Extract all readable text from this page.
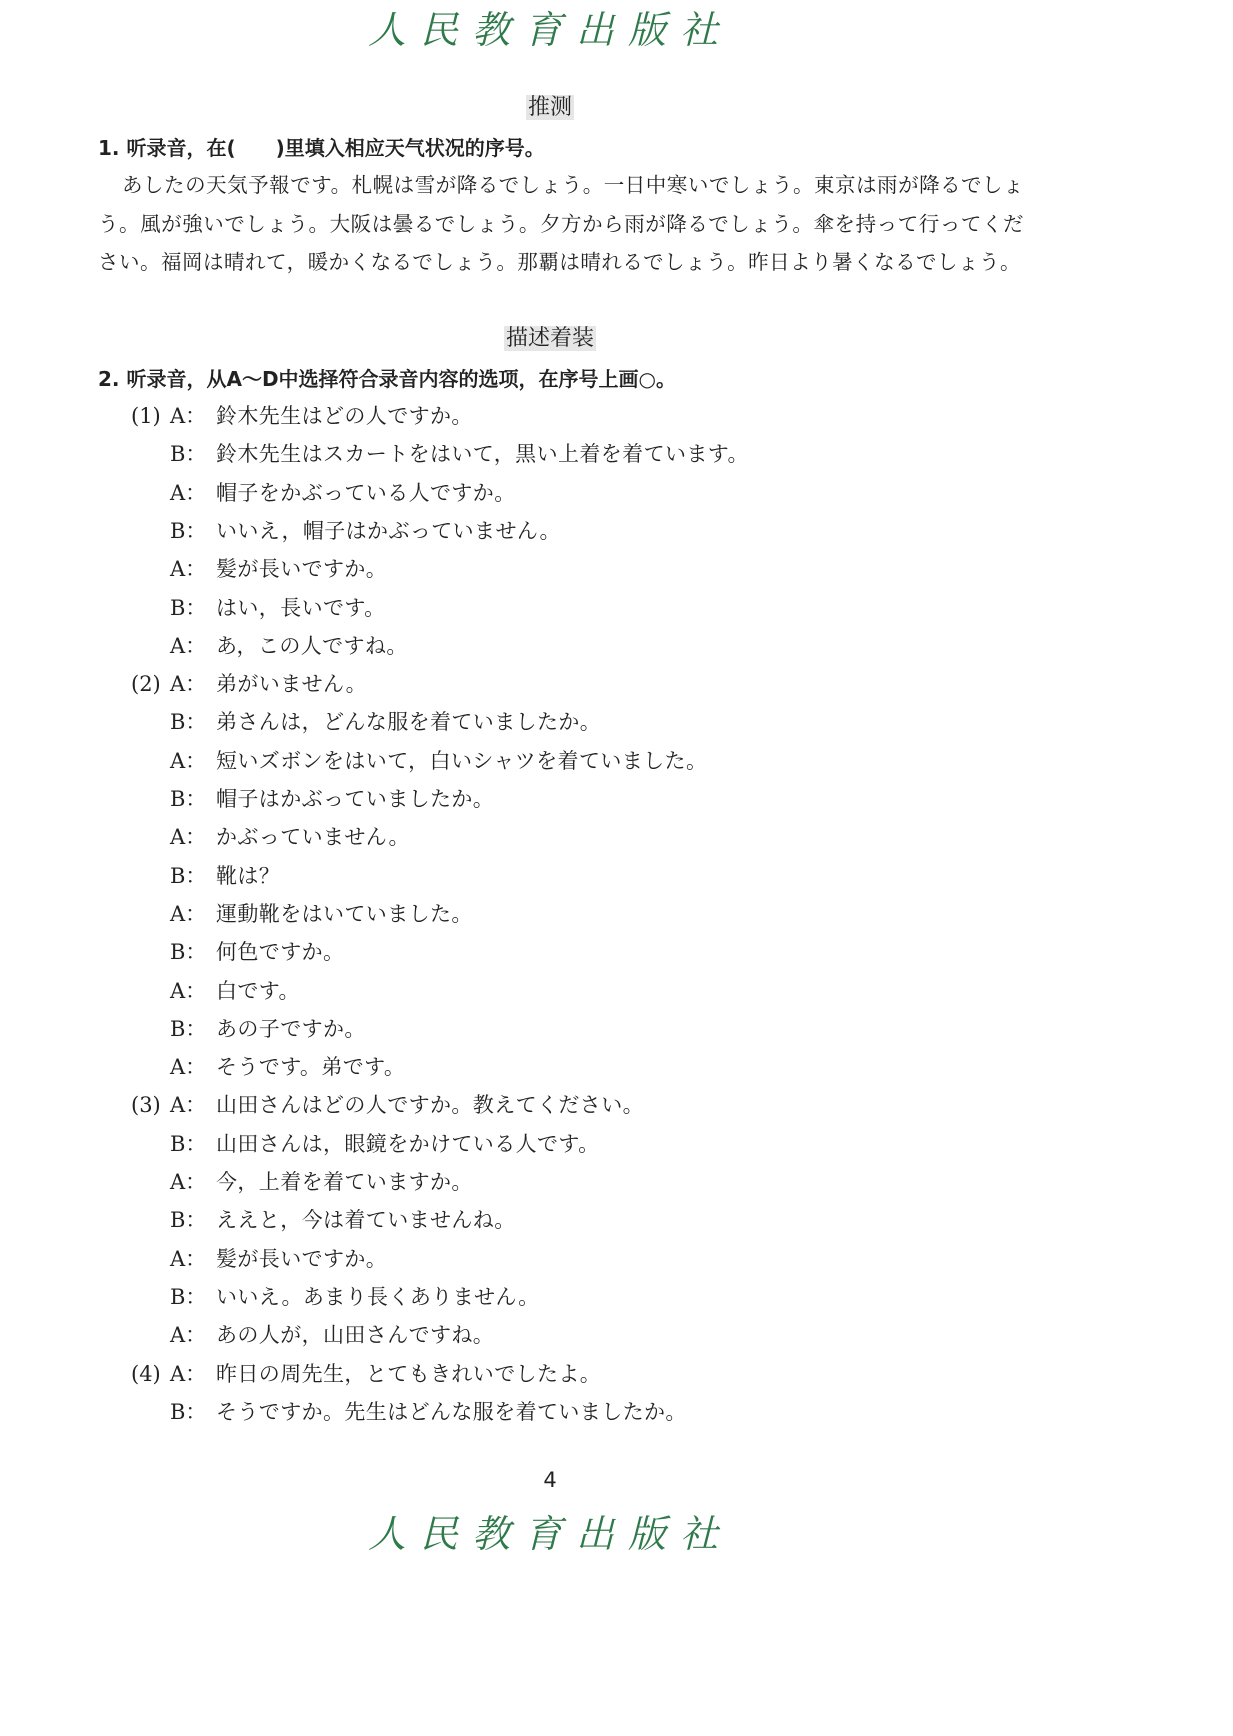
人民教育出版社
推测
1. 听录音，在(　　)里填入相应天气状况的序号。
あしたの天気予報です。札幌は雪が降るでしょう。一日中寒いでしょう。東京は雨が降るでしょう。風が強いでしょう。大阪は曇るでしょう。夕方から雨が降るでしょう。傘を持って行ってください。福岡は晴れて，暖かくなるでしょう。那覇は晴れるでしょう。昨日より暑くなるでしょう。
描述着装
2. 听录音，从A～D中选择符合录音内容的选项，在序号上画○。
(1) A： 鈴木先生はどの人ですか。
B： 鈴木先生はスカートをはいて，黒い上着を着ています。
A： 帽子をかぶっている人ですか。
B： いいえ，帽子はかぶっていません。
A： 髪が長いですか。
B： はい，長いです。
A： あ，この人ですね。
(2) A： 弟がいません。
B： 弟さんは，どんな服を着ていましたか。
A： 短いズボンをはいて，白いシャツを着ていました。
B： 帽子はかぶっていましたか。
A： かぶっていません。
B： 靴は？
A： 運動靴をはいていました。
B： 何色ですか。
A： 白です。
B： あの子ですか。
A： そうです。弟です。
(3) A： 山田さんはどの人ですか。教えてください。
B： 山田さんは，眼鏡をかけている人です。
A： 今，上着を着ていますか。
B： ええと，今は着ていませんね。
A： 髪が長いですか。
B： いいえ。あまり長くありません。
A： あの人が，山田さんですね。
(4) A： 昨日の周先生，とてもきれいでしたよ。
B： そうですか。先生はどんな服を着ていましたか。
4
人民教育出版社
